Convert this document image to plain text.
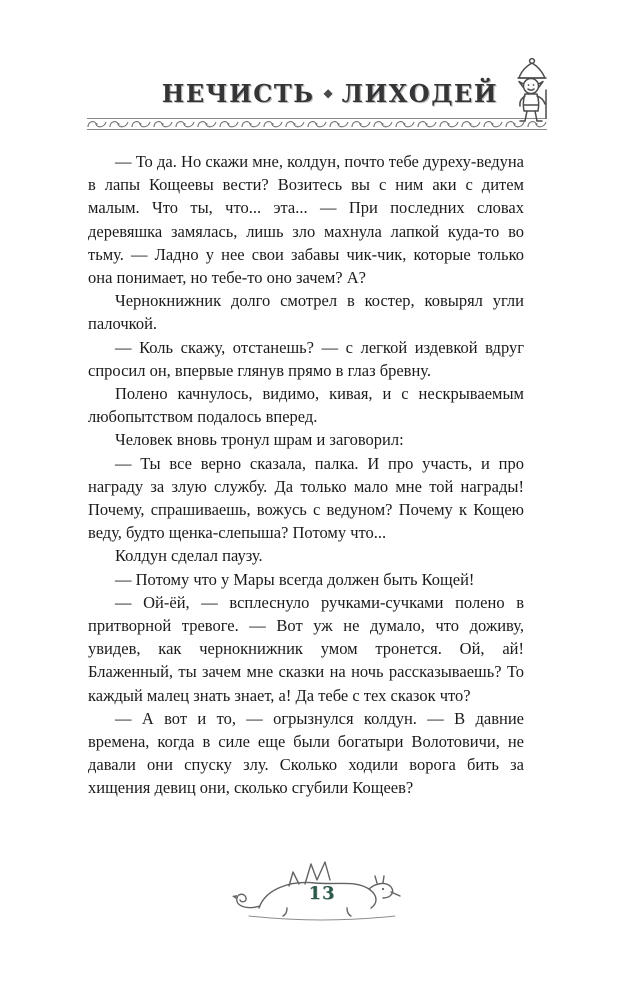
НЕЧИСТЬ ◆ ЛИХОДЕЙ

— То да. Но скажи мне, колдун, почто тебе дуреху-ведуна в лапы Кощеевы вести? Возитесь вы с ним аки с дитем малым. Что ты, что... эта... — При последних словах деревяшка замялась, лишь зло махнула лапкой куда-то во тьму. — Ладно у нее свои забавы чик-чик, которые только она понимает, но тебе-то оно зачем? А?

Чернокнижник долго смотрел в костер, ковырял угли палочкой.

— Коль скажу, отстанешь? — с легкой издевкой вдруг спросил он, впервые глянув прямо в глаз бревну.

Полено качнулось, видимо, кивая, и с нескрываемым любопытством подалось вперед.

Человек вновь тронул шрам и заговорил:

— Ты все верно сказала, палка. И про участь, и про награду за злую службу. Да только мало мне той награды! Почему, спрашиваешь, вожусь с ведуном? Почему к Кощею веду, будто щенка-слепыша? Потому что...

Колдун сделал паузу.

— Потому что у Мары всегда должен быть Кощей!

— Ой-ёй, — всплеснуло ручками-сучками полено в притворной тревоге. — Вот уж не думало, что доживу, увидев, как чернокнижник умом тронется. Ой, ай! Блаженный, ты зачем мне сказки на ночь рассказываешь? То каждый малец знать знает, а! Да тебе с тех сказок что?

— А вот и то, — огрызнулся колдун. — В давние времена, когда в силе еще были богатыри Волотовичи, не давали они спуску злу. Сколько ходили ворога бить за хищения девиц они, сколько сгубили Кощеев?

13
